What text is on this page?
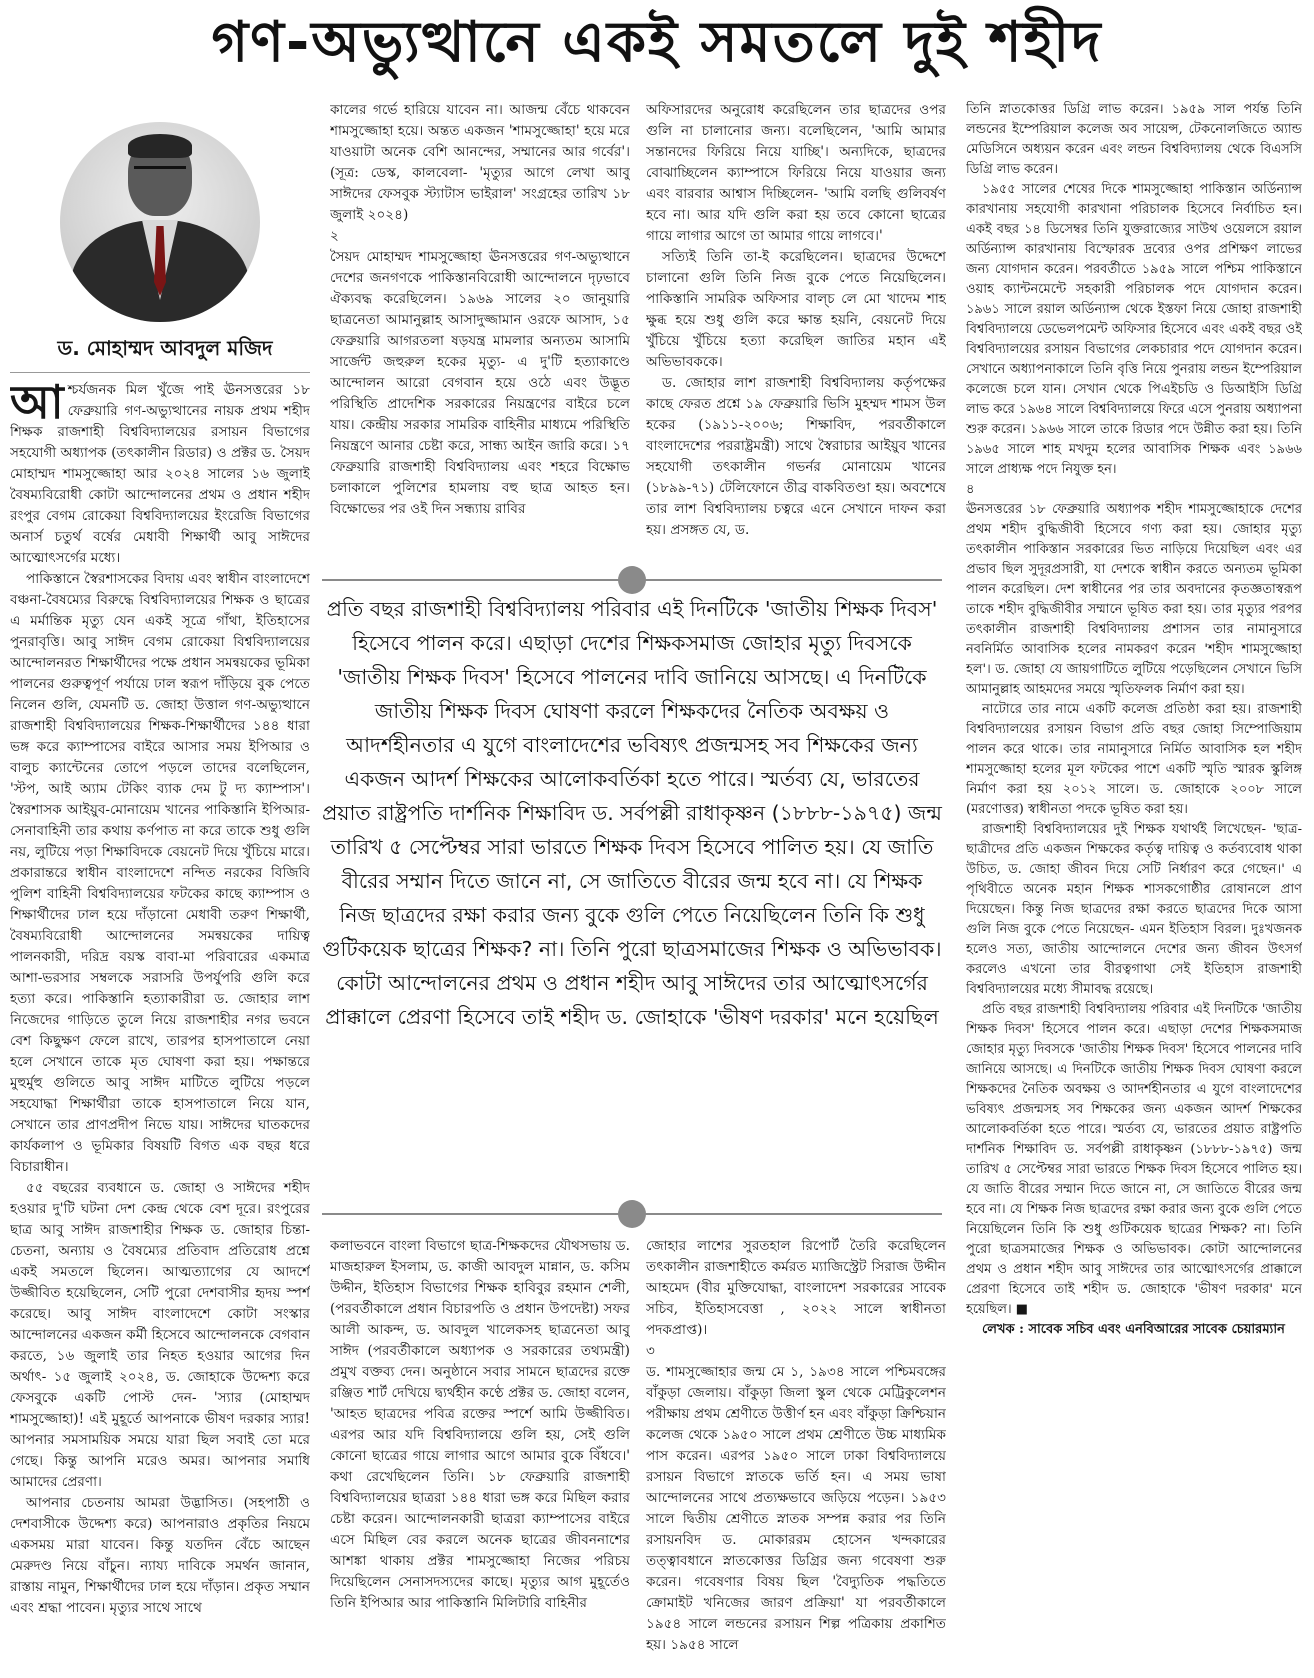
গণ-অভ্যুত্থানে একই সমতলে দুই শহীদ
ড. মোহাম্মদ আবদুল মজিদ

আশ্চর্যজনক মিল খুঁজে পাই ঊনসত্তরের ১৮ ফেব্রুয়ারি গণ-অভ্যুত্থানের নায়ক প্রথম শহীদ শিক্ষক রাজশাহী বিশ্ববিদ্যালয়ের রসায়ন বিভাগের সহযোগী অধ্যাপক (তৎকালীন রিডার) ও প্রক্টর ড. সৈয়দ মোহাম্মদ শামসুজ্জোহা আর ২০২৪ সালের ১৬ জুলাই বৈষম্যবিরোধী কোটা আন্দোলনের প্রথম ও প্রধান শহীদ রংপুর বেগম রোকেয়া বিশ্ববিদ্যালয়ের ইংরেজি বিভাগের অনার্স চতুর্থ বর্ষের মেধাবী শিক্ষার্থী আবু সাঈদের আত্মোৎসর্গের মধ্যে।

পাকিস্তানে স্বৈরশাসকের বিদায় এবং স্বাধীন বাংলাদেশে বঞ্চনা-বৈষম্যের বিরুদ্ধে বিশ্ববিদ্যালয়ের শিক্ষক ও ছাত্রের এ মর্মান্তিক মৃত্যু যেন একই সূত্রে গাঁথা, ইতিহাসের পুনরাবৃত্তি। আবু সাঈদ বেগম রোকেয়া বিশ্ববিদ্যালয়ের আন্দোলনরত শিক্ষার্থীদের পক্ষে প্রধান সমন্বয়কের ভূমিকা পালনের গুরুত্বপূর্ণ পর্যায়ে ঢাল স্বরূপ দাঁড়িয়ে বুক পেতে নিলেন গুলি, যেমনটি ড. জোহা উত্তাল গণ-অভ্যুত্থানে রাজশাহী বিশ্ববিদ্যালয়ের শিক্ষক-শিক্ষার্থীদের ১৪৪ ধারা ভঙ্গ করে ক্যাম্পাসের বাইরে আসার সময় ইপিআর ও বালুচ ক্যান্টেনের তোপে পড়লে তাদের বলেছিলেন, 'স্টপ, আই অ্যাম টেকিং ব্যাক দেম টু দ্য ক্যাম্পাস'। স্বৈরশাসক আইয়ুব-মোনায়েম খানের পাকিস্তানি ইপিআর-সেনাবাহিনী তার কথায় কর্ণপাত না করে তাকে শুধু গুলি নয়, লুটিয়ে পড়া শিক্ষাবিদকে বেয়নেট দিয়ে খুঁচিয়ে মারে। প্রকারান্তরে স্বাধীন বাংলাদেশে নন্দিত নরকের বিজিবি পুলিশ বাহিনী বিশ্ববিদ্যালয়ের ফটকের কাছে ক্যাম্পাস ও শিক্ষার্থীদের ঢাল হয়ে দাঁড়ানো মেধাবী তরুণ শিক্ষার্থী, বৈষম্যবিরোধী আন্দোলনের সমন্বয়কের দায়িত্ব পালনকারী, দরিদ্র বয়স্ক বাবা-মা পরিবারের একমাত্র আশা-ভরসার সম্বলকে সরাসরি উপর্যুপরি গুলি করে হত্যা করে। পাকিস্তানি হত্যাকারীরা ড. জোহার লাশ নিজেদের গাড়িতে তুলে নিয়ে রাজশাহীর নগর ভবনে বেশ কিছুক্ষণ ফেলে রাখে, তারপর হাসপাতালে নেয়া হলে সেখানে তাকে মৃত ঘোষণা করা হয়। পক্ষান্তরে মুহুর্মুহু গুলিতে আবু সাঈদ মাটিতে লুটিয়ে পড়লে সহযোদ্ধা শিক্ষার্থীরা তাকে হাসপাতালে নিয়ে যান, সেখানে তার প্রাণপ্রদীপ নিভে যায়। সাঈদের ঘাতকদের কার্যকলাপ ও ভূমিকার বিষয়টি বিগত এক বছর ধরে বিচারাধীন।

৫৫ বছরের ব্যবধানে ড. জোহা ও সাঈদের শহীদ হওয়ার দু'টি ঘটনা দেশ কেন্দ্র থেকে বেশ দূরে। রংপুরের ছাত্র আবু সাঈদ রাজশাহীর শিক্ষক ড. জোহার চিন্তা-চেতনা, অন্যায় ও বৈষম্যের প্রতিবাদ প্রতিরোধ প্রশ্নে একই সমতলে ছিলেন। আত্মত্যাগের যে আদর্শে উজ্জীবিত হয়েছিলেন, সেটি পুরো দেশবাসীর হৃদয় স্পর্শ করেছে। আবু সাঈদ বাংলাদেশে কোটা সংস্কার আন্দোলনের একজন কর্মী হিসেবে আন্দোলনকে বেগবান করতে, ১৬ জুলাই তার নিহত হওয়ার আগের দিন অর্থাৎ- ১৫ জুলাই ২০২৪, ড. জোহাকে উদ্দেশ্য করে ফেসবুকে একটি পোস্ট দেন- 'স্যার (মোহাম্মদ শামসুজ্জোহা)! এই মুহূর্তে আপনাকে ভীষণ দরকার স্যার! আপনার সমসাময়িক সময়ে যারা ছিল সবাই তো মরে গেছে। কিন্তু আপনি মরেও অমর। আপনার সমাধি আমাদের প্রেরণা।

আপনার চেতনায় আমরা উদ্ভাসিত। (সহপাঠী ও দেশবাসীকে উদ্দেশ্য করে) আপনারাও প্রকৃতির নিয়মে একসময় মারা যাবেন। কিন্তু যতদিন বেঁচে আছেন মেরুদণ্ড নিয়ে বাঁচুন। ন্যায্য দাবিকে সমর্থন জানান, রাস্তায় নামুন, শিক্ষার্থীদের ঢাল হয়ে দাঁড়ান। প্রকৃত সম্মান এবং শ্রদ্ধা পাবেন। মৃত্যুর সাথে সাথে

কালের গর্ভে হারিয়ে যাবেন না। আজন্ম বেঁচে থাকবেন শামসুজ্জোহা হয়ে। অন্তত একজন 'শামসুজ্জোহা' হয়ে মরে যাওয়াটা অনেক বেশি আনন্দের, সম্মানের আর গর্বের'। (সূত্র: ডেস্ক, কালবেলা- 'মৃত্যুর আগে লেখা আবু সাঈদের ফেসবুক স্ট্যাটাস ভাইরাল' সংগ্রহের তারিখ ১৮ জুলাই ২০২৪)

২

সৈয়দ মোহাম্মদ শামসুজ্জোহা ঊনসত্তরের গণ-অভ্যুত্থানে দেশের জনগণকে পাকিস্তানবিরোধী আন্দোলনে দৃঢ়ভাবে ঐক্যবদ্ধ করেছিলেন। ১৯৬৯ সালের ২০ জানুয়ারি ছাত্রনেতা আমানুল্লাহ আসাদুজ্জামান ওরফে আসাদ, ১৫ ফেব্রুয়ারি আগরতলা ষড়যন্ত্র মামলার অন্যতম আসামি সার্জেন্ট জহুরুল হকের মৃত্যু- এ দু'টি হত্যাকাণ্ডে আন্দোলন আরো বেগবান হয়ে ওঠে এবং উদ্ভূত পরিস্থিতি প্রাদেশিক সরকারের নিয়ন্ত্রণের বাইরে চলে যায়। কেন্দ্রীয় সরকার সামরিক বাহিনীর মাধ্যমে পরিস্থিতি নিয়ন্ত্রণে আনার চেষ্টা করে, সান্ধ্য আইন জারি করে। ১৭ ফেব্রুয়ারি রাজশাহী বিশ্ববিদ্যালয় এবং শহরে বিক্ষোভ চলাকালে পুলিশের হামলায় বহু ছাত্র আহত হন। বিক্ষোভের পর ওই দিন সন্ধ্যায় রাবির

অফিসারদের অনুরোধ করেছিলেন তার ছাত্রদের ওপর গুলি না চালানোর জন্য। বলেছিলেন, 'আমি আমার সন্তানদের ফিরিয়ে নিয়ে যাচ্ছি'। অন্যদিকে, ছাত্রদের বোঝাচ্ছিলেন ক্যাম্পাসে ফিরিয়ে নিয়ে যাওয়ার জন্য এবং বারবার আশ্বাস দিচ্ছিলেন- 'আমি বলছি গুলিবর্ষণ হবে না। আর যদি গুলি করা হয় তবে কোনো ছাত্রের গায়ে লাগার আগে তা আমার গায়ে লাগবে।'

সত্যিই তিনি তা-ই করেছিলেন। ছাত্রদের উদ্দেশে চালানো গুলি তিনি নিজ বুকে পেতে নিয়েছিলেন। পাকিস্তানি সামরিক অফিসার বাল্চ লে মো খাদেম শাহ ক্ষুব্ধ হয়ে শুধু গুলি করে ক্ষান্ত হয়নি, বেয়নেট দিয়ে খুঁচিয়ে খুঁচিয়ে হত্যা করেছিল জাতির মহান এই অভিভাবককে।

ড. জোহার লাশ রাজশাহী বিশ্ববিদ্যালয় কর্তৃপক্ষের কাছে ফেরত প্রশ্নে ১৯ ফেব্রুয়ারি ভিসি মুহম্মদ শামস উল হকের (১৯১১-২০০৬; শিক্ষাবিদ, পরবর্তীকালে বাংলাদেশের পররাষ্ট্রমন্ত্রী) সাথে স্বৈরাচার আইয়ুব খানের সহযোগী তৎকালীন গভর্নর মোনায়েম খানের (১৮৯৯-৭১) টেলিফোনে তীব্র বাকবিতণ্ডা হয়। অবশেষে তার লাশ বিশ্ববিদ্যালয় চত্বরে এনে সেখানে দাফন করা হয়। প্রসঙ্গত যে, ড.

প্রতি বছর রাজশাহী বিশ্ববিদ্যালয় পরিবার এই দিনটিকে 'জাতীয় শিক্ষক দিবস' হিসেবে পালন করে। এছাড়া দেশের শিক্ষকসমাজ জোহার মৃত্যু দিবসকে 'জাতীয় শিক্ষক দিবস' হিসেবে পালনের দাবি জানিয়ে আসছে। এ দিনটিকে জাতীয় শিক্ষক দিবস ঘোষণা করলে শিক্ষকদের নৈতিক অবক্ষয় ও আদর্শহীনতার এ যুগে বাংলাদেশের ভবিষ্যৎ প্রজন্মসহ সব শিক্ষকের জন্য একজন আদর্শ শিক্ষকের আলোকবর্তিকা হতে পারে। স্মর্তব্য যে, ভারতের প্রয়াত রাষ্ট্রপতি দার্শনিক শিক্ষাবিদ ড. সর্বপল্লী রাধাকৃষ্ণন (১৮৮৮-১৯৭৫) জন্ম তারিখ ৫ সেপ্টেম্বর সারা ভারতে শিক্ষক দিবস হিসেবে পালিত হয়। যে জাতি বীরের সম্মান দিতে জানে না, সে জাতিতে বীরের জন্ম হবে না। যে শিক্ষক নিজ ছাত্রদের রক্ষা করার জন্য বুকে গুলি পেতে নিয়েছিলেন তিনি কি শুধু গুটিকয়েক ছাত্রের শিক্ষক? না। তিনি পুরো ছাত্রসমাজের শিক্ষক ও অভিভাবক। কোটা আন্দোলনের প্রথম ও প্রধান শহীদ আবু সাঈদের তার আত্মোৎসর্গের প্রাক্কালে প্রেরণা হিসেবে তাই শহীদ ড. জোহাকে 'ভীষণ দরকার' মনে হয়েছিল

কলাভবনে বাংলা বিভাগে ছাত্র-শিক্ষকদের যৌথসভায় ড. মাজহারুল ইসলাম, ড. কাজী আবদুল মান্নান, ড. কসিম উদ্দীন, ইতিহাস বিভাগের শিক্ষক হাবিবুর রহমান শেলী, (পরবর্তীকালে প্রধান বিচারপতি ও প্রধান উপদেষ্টা) সফর আলী আকন্দ, ড. আবদুল খালেকসহ ছাত্রনেতা আবু সাঈদ (পরবর্তীকালে অধ্যাপক ও সরকারের তথ্যমন্ত্রী) প্রমুখ বক্তব্য দেন। অনুষ্ঠানে সবার সামনে ছাত্রদের রক্তে রঞ্জিত শার্ট দেখিয়ে দ্ব্যর্থহীন কণ্ঠে প্রক্টর ড. জোহা বলেন, 'আহত ছাত্রদের পবিত্র রক্তের স্পর্শে আমি উজ্জীবিত। এরপর আর যদি বিশ্ববিদ্যালয়ে গুলি হয়, সেই গুলি কোনো ছাত্রের গায়ে লাগার আগে আমার বুকে বিঁধবে।' কথা রেখেছিলেন তিনি। ১৮ ফেব্রুয়ারি রাজশাহী বিশ্ববিদ্যালয়ের ছাত্ররা ১৪৪ ধারা ভঙ্গ করে মিছিল করার চেষ্টা করেন। আন্দোলনকারী ছাত্ররা ক্যাম্পাসের বাইরে এসে মিছিল বের করলে অনেক ছাত্রের জীবননাশের আশঙ্কা থাকায় প্রক্টর শামসুজ্জোহা নিজের পরিচয় দিয়েছিলেন সেনাসদস্যদের কাছে। মৃত্যুর আগ মুহূর্তেও তিনি ইপিআর আর পাকিস্তানি মিলিটারি বাহিনীর

জোহার লাশের সুরতহাল রিপোর্ট তৈরি করেছিলেন তৎকালীন রাজশাহীতে কর্মরত ম্যাজিস্ট্রেট সিরাজ উদ্দীন আহমেদ (বীর মুক্তিযোদ্ধা, বাংলাদেশ সরকারের সাবেক সচিব, ইতিহাসবেত্তা , ২০২২ সালে স্বাধীনতা পদকপ্রাপ্ত)।

৩

ড. শামসুজ্জোহার জন্ম মে ১, ১৯৩৪ সালে পশ্চিমবঙ্গের বাঁকুড়া জেলায়। বাঁকুড়া জিলা স্কুল থেকে মেট্রিকুলেশন পরীক্ষায় প্রথম শ্রেণীতে উত্তীর্ণ হন এবং বাঁকুড়া ক্রিশ্চিয়ান কলেজ থেকে ১৯৫০ সালে প্রথম শ্রেণীতে উচ্চ মাধ্যমিক পাস করেন। এরপর ১৯৫০ সালে ঢাকা বিশ্ববিদ্যালয়ে রসায়ন বিভাগে স্নাতকে ভর্তি হন। এ সময় ভাষা আন্দোলনের সাথে প্রত্যক্ষভাবে জড়িয়ে পড়েন। ১৯৫৩ সালে দ্বিতীয় শ্রেণীতে স্নাতক সম্পন্ন করার পর তিনি রসায়নবিদ ড. মোকাররম হোসেন খন্দকারের তত্ত্বাবধানে স্নাতকোত্তর ডিগ্রির জন্য গবেষণা শুরু করেন। গবেষণার বিষয় ছিল 'বৈদ্যুতিক পদ্ধতিতে ক্রোমাইট খনিজের জারণ প্রক্রিয়া' যা পরবর্তীকালে ১৯৫৪ সালে লন্ডনের রসায়ন শিল্প পত্রিকায় প্রকাশিত হয়। ১৯৫৪ সালে

তিনি স্নাতকোত্তর ডিগ্রি লাভ করেন। ১৯৫৯ সাল পর্যন্ত তিনি লন্ডনের ইম্পেরিয়াল কলেজ অব সায়েন্স, টেকনোলজিতে অ্যান্ড মেডিসিনে অধ্যয়ন করেন এবং লন্ডন বিশ্ববিদ্যালয় থেকে বিএসসি ডিগ্রি লাভ করেন।

১৯৫৫ সালের শেষের দিকে শামসুজ্জোহা পাকিস্তান অর্ডিন্যান্স কারখানায় সহযোগী কারখানা পরিচালক হিসেবে নির্বাচিত হন। একই বছর ১৪ ডিসেম্বর তিনি যুক্তরাজ্যের সাউথ ওয়েলসে রয়াল অর্ডিন্যান্স কারখানায় বিস্ফোরক দ্রব্যের ওপর প্রশিক্ষণ লাভের জন্য যোগদান করেন। পরবর্তীতে ১৯৫৯ সালে পশ্চিম পাকিস্তানে ওয়াহ ক্যান্টনমেন্টে সহকারী পরিচালক পদে যোগদান করেন। ১৯৬১ সালে রয়াল অর্ডিন্যান্স থেকে ইস্তফা নিয়ে জোহা রাজশাহী বিশ্ববিদ্যালয়ে ডেভেলপমেন্ট অফিসার হিসেবে এবং একই বছর ওই বিশ্ববিদ্যালয়ের রসায়ন বিভাগের লেকচারার পদে যোগদান করেন। সেখানে অধ্যাপনাকালে তিনি বৃত্তি নিয়ে পুনরায় লন্ডন ইম্পেরিয়াল কলেজে চলে যান। সেখান থেকে পিএইচডি ও ডিআইসি ডিগ্রি লাভ করে ১৯৬৪ সালে বিশ্ববিদ্যালয়ে ফিরে এসে পুনরায় অধ্যাপনা শুরু করেন। ১৯৬৬ সালে তাকে রিডার পদে উন্নীত করা হয়। তিনি ১৯৬৫ সালে শাহ মখদুম হলের আবাসিক শিক্ষক এবং ১৯৬৬ সালে প্রাধ্যক্ষ পদে নিযুক্ত হন।

৪

ঊনসত্তরের ১৮ ফেব্রুয়ারি অধ্যাপক শহীদ শামসুজ্জোহাকে দেশের প্রথম শহীদ বুদ্ধিজীবী হিসেবে গণ্য করা হয়। জোহার মৃত্যু তৎকালীন পাকিস্তান সরকারের ভিত নাড়িয়ে দিয়েছিল এবং এর প্রভাব ছিল সুদূরপ্রসারী, যা দেশকে স্বাধীন করতে অন্যতম ভূমিকা পালন করেছিল। দেশ স্বাধীনের পর তার অবদানের কৃতজ্ঞতাস্বরূপ তাকে শহীদ বুদ্ধিজীবীর সম্মানে ভূষিত করা হয়। তার মৃত্যুর পরপর তৎকালীন রাজশাহী বিশ্ববিদ্যালয় প্রশাসন তার নামানুসারে নবনির্মিত আবাসিক হলের নামকরণ করেন 'শহীদ শামসুজ্জোহা হল'। ড. জোহা যে জায়গাটিতে লুটিয়ে পড়েছিলেন সেখানে ভিসি আমানুল্লাহ আহমদের সময়ে স্মৃতিফলক নির্মাণ করা হয়।

নাটোরে তার নামে একটি কলেজ প্রতিষ্ঠা করা হয়। রাজশাহী বিশ্ববিদ্যালয়ের রসায়ন বিভাগ প্রতি বছর জোহা সিম্পোজিয়াম পালন করে থাকে। তার নামানুসারে নির্মিত আবাসিক হল শহীদ শামসুজ্জোহা হলের মূল ফটকের পাশে একটি স্মৃতি স্মারক স্কুলিঙ্গ নির্মাণ করা হয় ২০১২ সালে। ড. জোহাকে ২০০৮ সালে (মরণোত্তর) স্বাধীনতা পদকে ভূষিত করা হয়।

রাজশাহী বিশ্ববিদ্যালয়ের দুই শিক্ষক যথার্থই লিখেছেন- 'ছাত্র-ছাত্রীদের প্রতি একজন শিক্ষকের কর্তৃত্ব দায়িত্ব ও কর্তব্যবোধ থাকা উচিত, ড. জোহা জীবন দিয়ে সেটি নির্ধারণ করে গেছেন।' এ পৃথিবীতে অনেক মহান শিক্ষক শাসকগোষ্ঠীর রোষানলে প্রাণ দিয়েছেন। কিন্তু নিজ ছাত্রদের রক্ষা করতে ছাত্রদের দিকে আসা গুলি নিজ বুকে পেতে নিয়েছেন- এমন ইতিহাস বিরল। দুঃখজনক হলেও সত্য, জাতীয় আন্দোলনে দেশের জন্য জীবন উৎসর্গ করলেও এখনো তার বীরত্বগাথা সেই ইতিহাস রাজশাহী বিশ্ববিদ্যালয়ের মধ্যে সীমাবদ্ধ রয়েছে।

প্রতি বছর রাজশাহী বিশ্ববিদ্যালয় পরিবার এই দিনটিকে 'জাতীয় শিক্ষক দিবস' হিসেবে পালন করে। এছাড়া দেশের শিক্ষকসমাজ জোহার মৃত্যু দিবসকে 'জাতীয় শিক্ষক দিবস' হিসেবে পালনের দাবি জানিয়ে আসছে। এ দিনটিকে জাতীয় শিক্ষক দিবস ঘোষণা করলে শিক্ষকদের নৈতিক অবক্ষয় ও আদর্শহীনতার এ যুগে বাংলাদেশের ভবিষ্যৎ প্রজন্মসহ সব শিক্ষকের জন্য একজন আদর্শ শিক্ষকের আলোকবর্তিকা হতে পারে। স্মর্তব্য যে, ভারতের প্রয়াত রাষ্ট্রপতি দার্শনিক শিক্ষাবিদ ড. সর্বপল্লী রাধাকৃষ্ণন (১৮৮৮-১৯৭৫) জন্ম তারিখ ৫ সেপ্টেম্বর সারা ভারতে শিক্ষক দিবস হিসেবে পালিত হয়। যে জাতি বীরের সম্মান দিতে জানে না, সে জাতিতে বীরের জন্ম হবে না। যে শিক্ষক নিজ ছাত্রদের রক্ষা করার জন্য বুকে গুলি পেতে নিয়েছিলেন তিনি কি শুধু গুটিকয়েক ছাত্রের শিক্ষক? না। তিনি পুরো ছাত্রসমাজের শিক্ষক ও অভিভাবক। কোটা আন্দোলনের প্রথম ও প্রধান শহীদ আবু সাঈদের তার আত্মোৎসর্গের প্রাক্কালে প্রেরণা হিসেবে তাই শহীদ ড. জোহাকে 'ভীষণ দরকার' মনে হয়েছিল। ■

লেখক : সাবেক সচিব এবং এনবিআরের সাবেক চেয়ারম্যান
